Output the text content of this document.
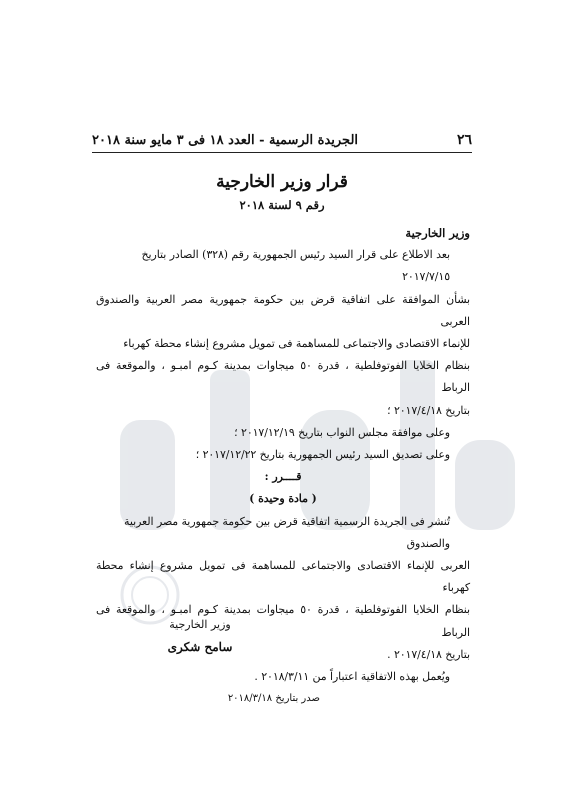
٢٦
الجريدة الرسمية - العدد ١٨ فى ٣ مايو سنة ٢٠١٨
قرار وزير الخارجية
رقم ٩ لسنة ٢٠١٨

وزير الخارجية

بعد الاطلاع على قرار السيد رئيس الجمهورية رقم (٣٢٨) الصادر بتاريخ ٢٠١٧/٧/١٥

بشأن الموافقة على اتفاقية قرض بين حكومة جمهورية مصر العربية والصندوق العربى

للإنماء الاقتصادى والاجتماعى للمساهمة فى تمويل مشروع إنشاء محطة كهرباء

بنظام الخلايا الفوتوفلطية ، قدرة ٥٠ ميجاوات بمدينة كـوم امبـو ، والموقعة فى الرباط

بتاريخ ٢٠١٧/٤/١٨ ؛

وعلى موافقة مجلس النواب بتاريخ ٢٠١٧/١٢/١٩ ؛

وعلى تصديق السيد رئيس الجمهورية بتاريخ ٢٠١٧/١٢/٢٢ ؛

قــــرر :

( مادة وحيدة )

تُنشر فى الجريدة الرسمية اتفاقية قرض بين حكومة جمهورية مصر العربية والصندوق

العربى للإنماء الاقتصادى والاجتماعى للمساهمة فى تمويل مشروع إنشاء محطة كهرباء

بنظام الخلايا الفوتوفلطية ، قدرة ٥٠ ميجاوات بمدينة كـوم امبـو ، والموقعة فى الرباط

بتاريخ ٢٠١٧/٤/١٨ .

ويُعمل بهذه الاتفاقية اعتباراً من ٢٠١٨/٣/١١ .

صدر بتاريخ ٢٠١٨/٣/١٨

وزير الخارجية
سامح شكرى
